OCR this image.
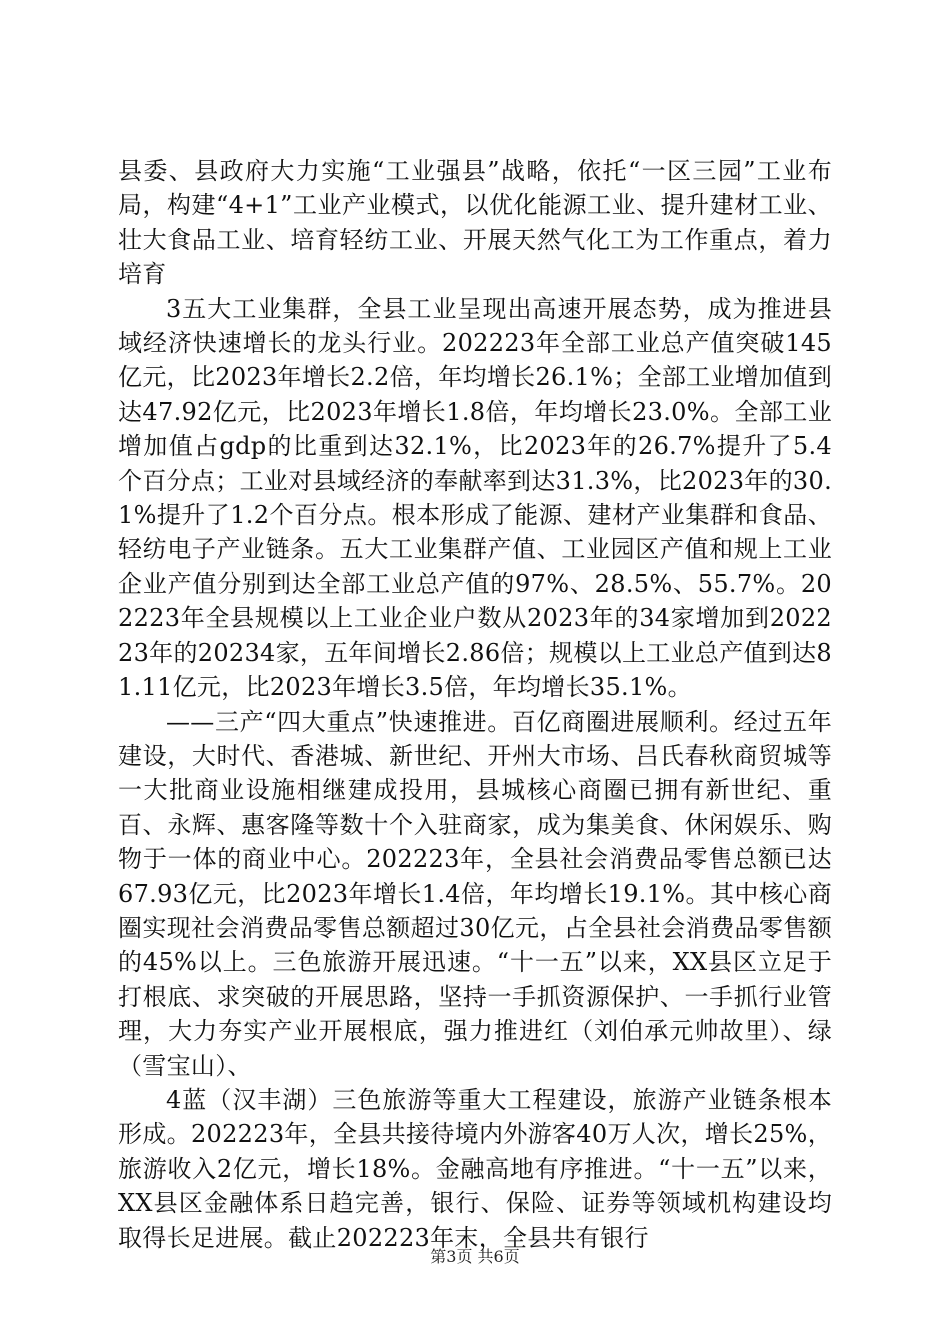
县委、县政府大力实施“工业强县”战略，依托“一区三园”工业布局，构建“4+1”工业产业模式，以优化能源工业、提升建材工业、壮大食品工业、培育轻纺工业、开展天然气化工为工作重点，着力培育

3五大工业集群，全县工业呈现出高速开展态势，成为推进县域经济快速增长的龙头行业。202223年全部工业总产值突破145亿元，比2023年增长2.2倍，年均增长26.1%；全部工业增加值到达47.92亿元，比2023年增长1.8倍，年均增长23.0%。全部工业增加值占gdp的比重到达32.1%，比2023年的26.7%提升了5.4个百分点；工业对县域经济的奉献率到达31.3%，比2023年的30.1%提升了1.2个百分点。根本形成了能源、建材产业集群和食品、轻纺电子产业链条。五大工业集群产值、工业园区产值和规上工业企业产值分别到达全部工业总产值的97%、28.5%、55.7%。202223年全县规模以上工业企业户数从2023年的34家增加到202223年的20234家，五年间增长2.86倍；规模以上工业总产值到达81.11亿元，比2023年增长3.5倍，年均增长35.1%。

——三产“四大重点”快速推进。百亿商圈进展顺利。经过五年建设，大时代、香港城、新世纪、开州大市场、吕氏春秋商贸城等一大批商业设施相继建成投用，县城核心商圈已拥有新世纪、重百、永辉、惠客隆等数十个入驻商家，成为集美食、休闲娱乐、购物于一体的商业中心。202223年，全县社会消费品零售总额已达67.93亿元，比2023年增长1.4倍，年均增长19.1%。其中核心商圈实现社会消费品零售总额超过30亿元，占全县社会消费品零售额的45%以上。三色旅游开展迅速。“十一五”以来，XX县区立足于打根底、求突破的开展思路，坚持一手抓资源保护、一手抓行业管理，大力夯实产业开展根底，强力推进红（刘伯承元帅故里）、绿（雪宝山）、

4蓝（汉丰湖）三色旅游等重大工程建设，旅游产业链条根本形成。202223年，全县共接待境内外游客40万人次，增长25%，旅游收入2亿元，增长18%。金融高地有序推进。“十一五”以来，XX县区金融体系日趋完善，银行、保险、证券等领域机构建设均取得长足进展。截止202223年末，全县共有银行

第3页 共6页
